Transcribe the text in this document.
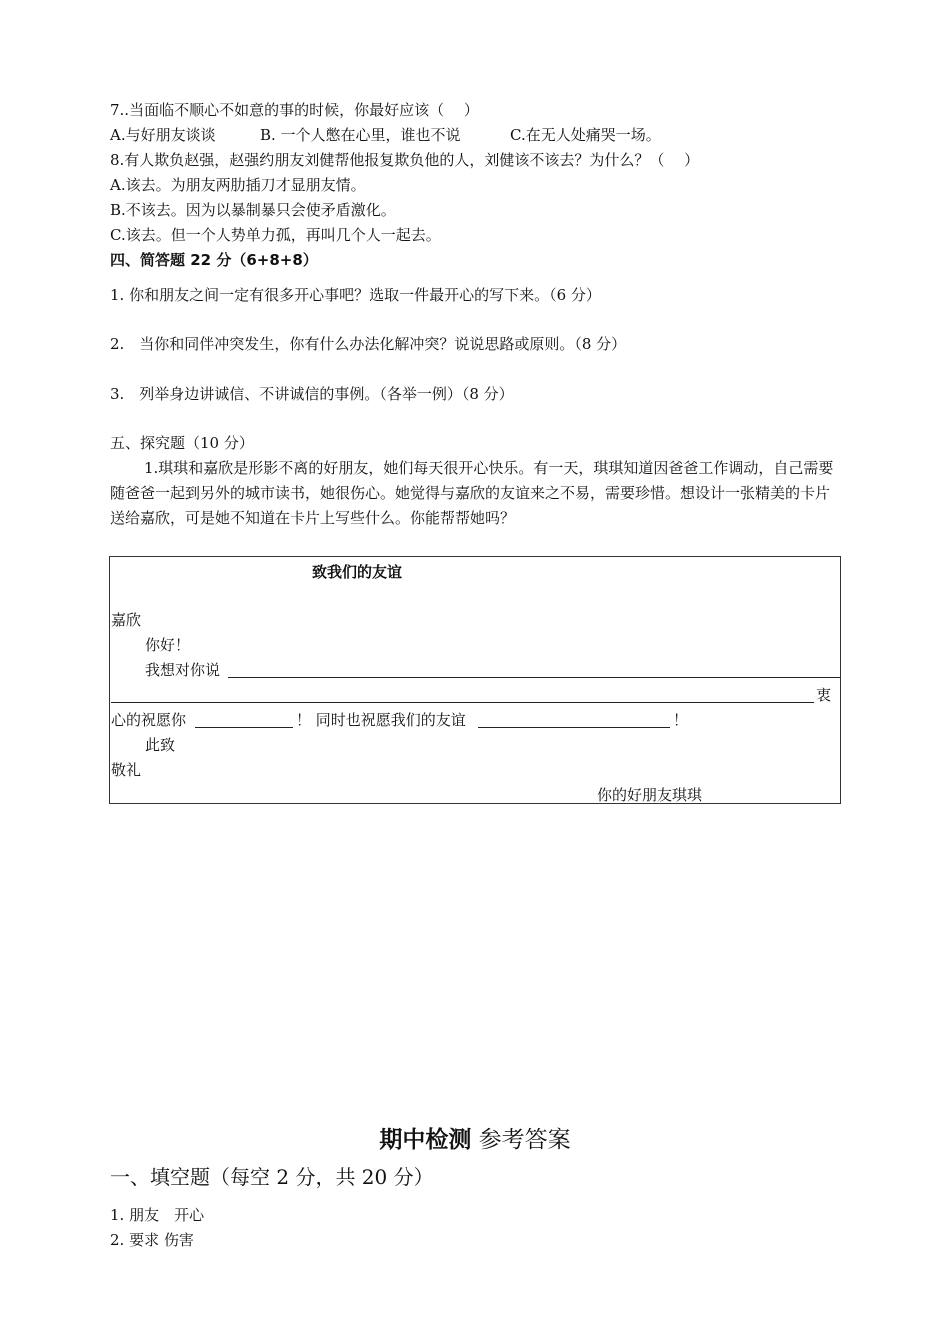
7..当面临不顺心不如意的事的时候，你最好应该（　 ）
A.与好朋友谈谈	B. 一个人憋在心里，谁也不说	C.在无人处痛哭一场。
8.有人欺负赵强，赵强约朋友刘健帮他报复欺负他的人，刘健该不该去？为什么？（　 ）
A.该去。为朋友两肋插刀才显朋友情。
B.不该去。因为以暴制暴只会使矛盾激化。
C.该去。但一个人势单力孤，再叫几个人一起去。
四、简答题 22 分（6+8+8）
1. 你和朋友之间一定有很多开心事吧？选取一件最开心的写下来。（6 分）
2.　当你和同伴冲突发生，你有什么办法化解冲突？说说思路或原则。（8 分）
3.　列举身边讲诚信、不讲诚信的事例。（各举一例）（8 分）
五、探究题（10 分）
1.琪琪和嘉欣是形影不离的好朋友，她们每天很开心快乐。有一天，琪琪知道因爸爸工作调动，自己需要随爸爸一起到另外的城市读书，她很伤心。她觉得与嘉欣的友谊来之不易，需要珍惜。想设计一张精美的卡片送给嘉欣，可是她不知道在卡片上写些什么。你能帮帮她吗？
致我们的友谊
嘉欣
你好！
我想对你说
衷
心的祝愿你	！ 同时也祝愿我们的友谊	！
此致
敬礼
你的好朋友琪琪
期中检测 参考答案
一、填空题（每空 2 分，共 20 分）
1. 朋友　开心
2. 要求 伤害
